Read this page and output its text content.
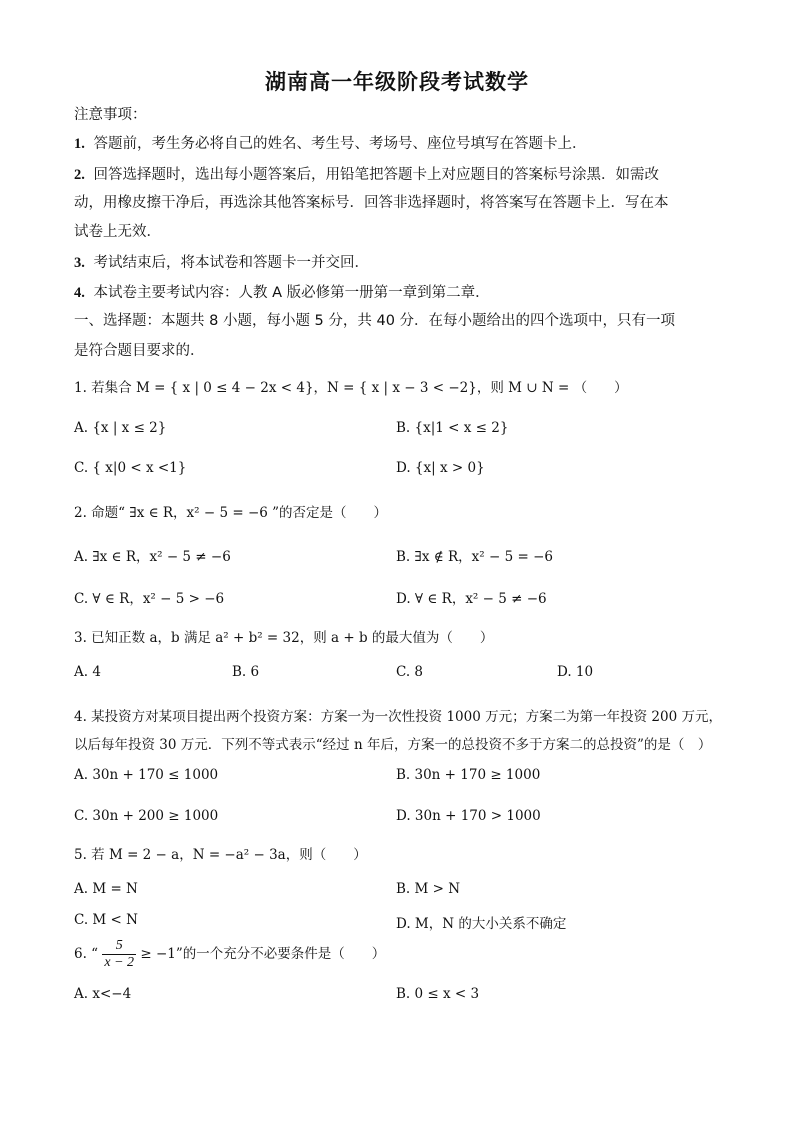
湖南高一年级阶段考试数学
注意事项：
1. 答题前，考生务必将自己的姓名、考生号、考场号、座位号填写在答题卡上．
2. 回答选择题时，选出每小题答案后，用铅笔把答题卡上对应题目的答案标号涂黑．如需改
动，用橡皮擦干净后，再选涂其他答案标号．回答非选择题时，将答案写在答题卡上．写在本
试卷上无效．
3. 考试结束后，将本试卷和答题卡一并交回．
4. 本试卷主要考试内容：人教 A 版必修第一册第一章到第二章．
一、选择题：本题共 8 小题，每小题 5 分，共 40 分．在每小题给出的四个选项中，只有一项
是符合题目要求的．
1. 若集合 M = { x | 0 ≤ 4 − 2x < 4}，N = { x | x − 3 < −2}，则 M ∪ N = （　　）
A. {x | x ≤ 2}	B. {x|1 < x ≤ 2}
C. { x|0 < x <1}	D. {x| x > 0}
2. 命题“ ∃x ∈ R，x² − 5 = −6 ”的否定是（　　）
A. ∃x ∈ R，x² − 5 ≠ −6	B. ∃x ∉ R，x² − 5 = −6
C. ∀ ∈ R，x² − 5 > −6	D. ∀ ∈ R，x² − 5 ≠ −6
3. 已知正数 a，b 满足 a² + b² = 32，则 a + b 的最大值为（　　）
A. 4	B. 6	C. 8	D. 10
4. 某投资方对某项目提出两个投资方案：方案一为一次性投资 1000 万元；方案二为第一年投资 200 万元，
以后每年投资 30 万元．下列不等式表示“经过 n 年后，方案一的总投资不多于方案二的总投资”的是（　）
A. 30n + 170 ≤ 1000	B. 30n + 170 ≥ 1000
C. 30n + 200 ≥ 1000	D. 30n + 170 > 1000
5. 若 M = 2 − a，N = −a² − 3a，则（　　）
A. M = N	B. M > N
C. M < N	D. M，N 的大小关系不确定
6. “ $\frac{5}{x - 2} \ge -1$”的一个充分不必要条件是（　　）
A. x<−4	B. 0 ≤ x < 3
